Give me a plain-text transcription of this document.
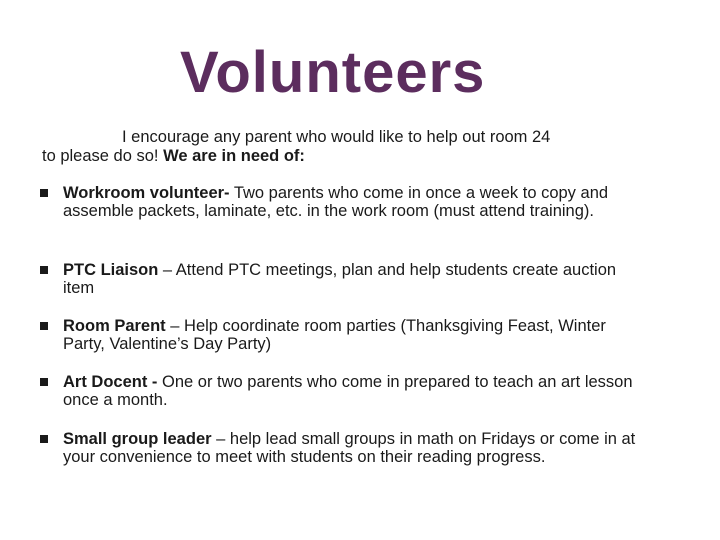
Volunteers
I encourage any parent who would like to help out room 24
to please do so! We are in need of:
Workroom volunteer- Two parents who come in once a week to copy and assemble packets, laminate, etc. in the work room (must attend training).
PTC Liaison – Attend PTC meetings, plan and help students create auction item
Room Parent – Help coordinate room parties (Thanksgiving Feast, Winter Party, Valentine’s Day Party)
Art Docent - One or two parents who come in prepared to teach an art lesson once a month.
Small group leader – help lead small groups in math on Fridays or come in at your convenience to meet with students on their reading progress.
